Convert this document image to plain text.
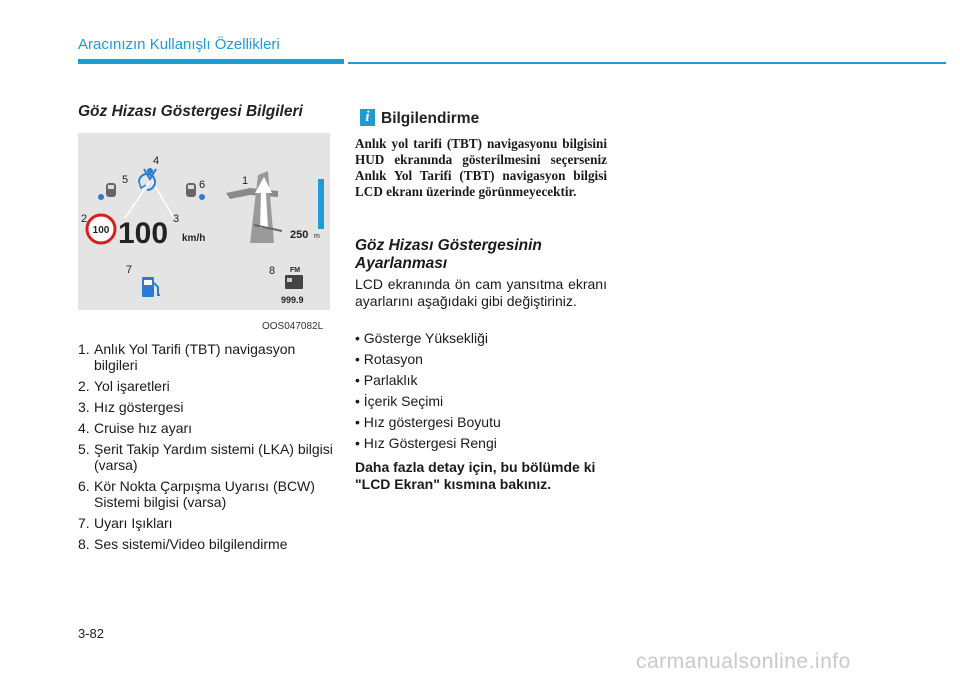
Aracınızın Kullanışlı Özellikleri
Göz Hizası Göstergesi Bilgileri
100 100 km/h	250 m
FM
999.9
1
2	3
4
5	6
7	8
OOS047082L
1. Anlık Yol Tarifi (TBT) navigasyon bilgileri
2. Yol işaretleri
3. Hız göstergesi
4. Cruise hız ayarı
5. Şerit Takip Yardım sistemi (LKA) bilgisi (varsa)
6. Kör Nokta Çarpışma Uyarısı (BCW) Sistemi bilgisi (varsa)
7. Uyarı Işıkları
8. Ses sistemi/Video bilgilendirme
i Bilgilendirme

Anlık yol tarifi (TBT) navigasyonu bilgisini HUD ekranında gösterilmesini seçerseniz Anlık Yol Tarifi (TBT) navigasyon bilgisi LCD ekranı üzerinde görünmeyecektir.

Göz Hizası Göstergesinin Ayarlanması

LCD ekranında ön cam yansıtma ekranı ayarlarını aşağıdaki gibi değiştiriniz.

• Gösterge Yüksekliği
• Rotasyon
• Parlaklık
• İçerik Seçimi
• Hız göstergesi Boyutu
• Hız Göstergesi Rengi

Daha fazla detay için, bu bölümde ki "LCD Ekran" kısmına bakınız.

3-82
carmanualsonline.info
